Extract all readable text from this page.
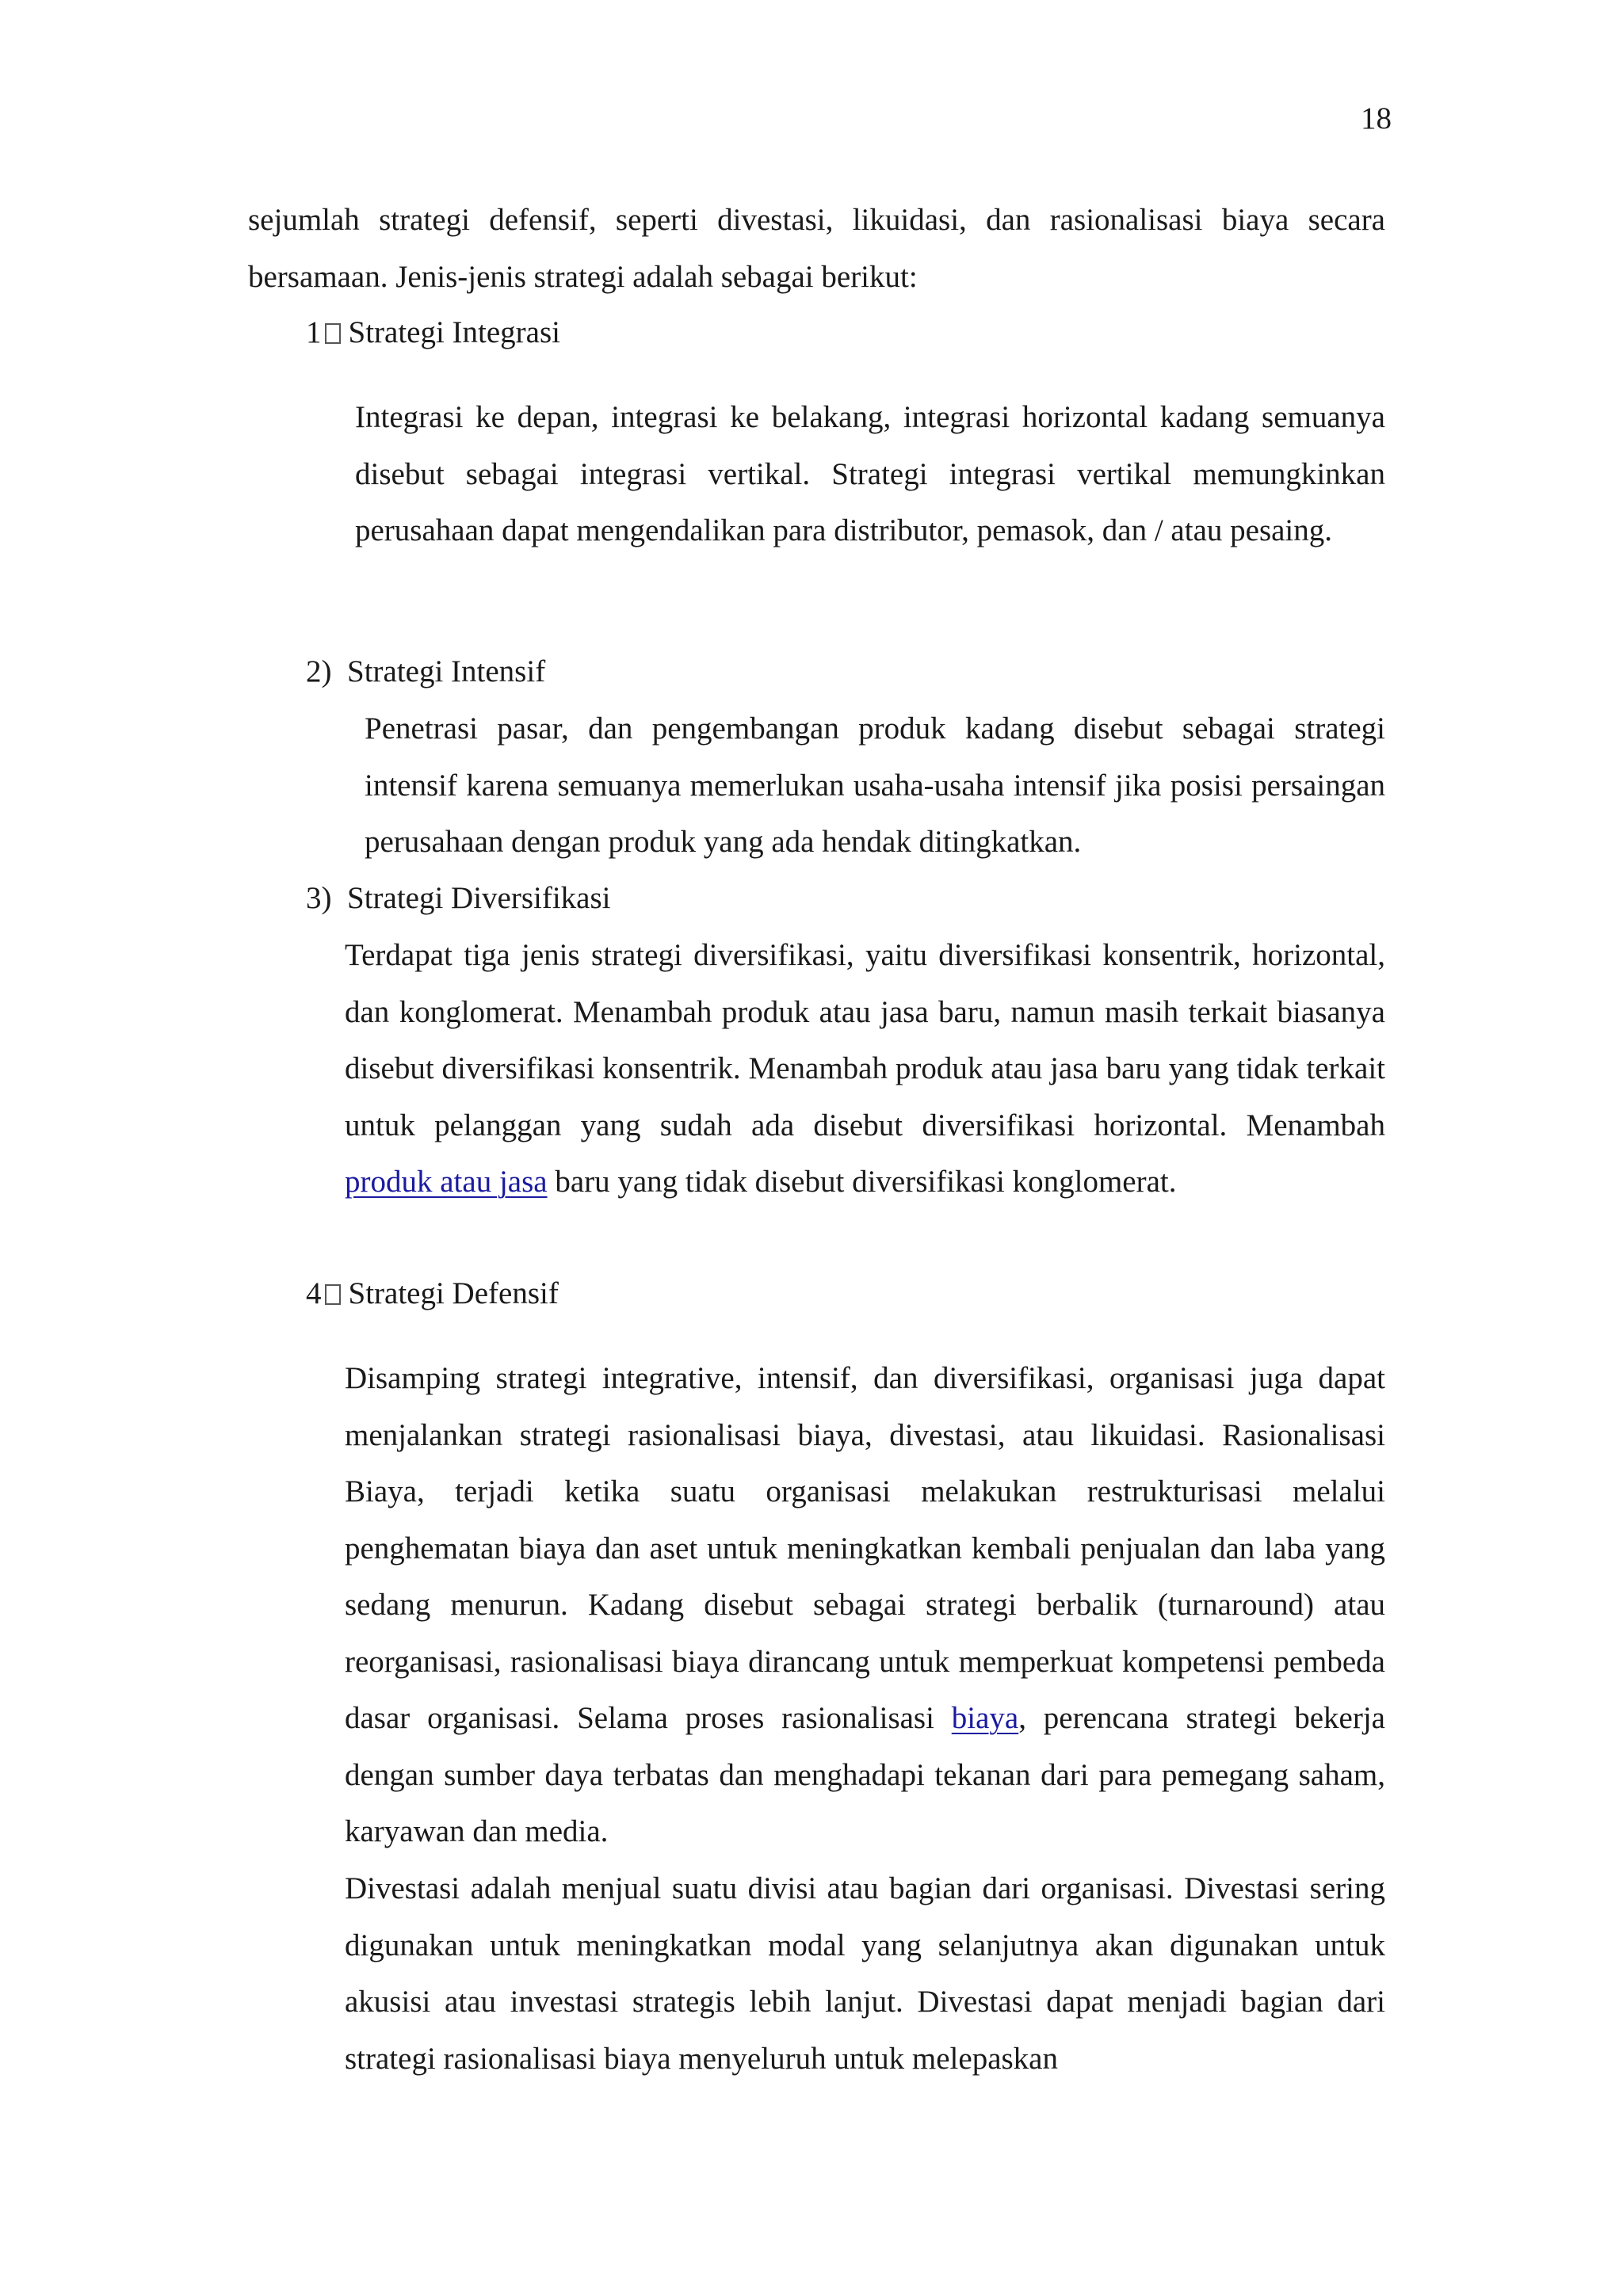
18

sejumlah strategi defensif, seperti divestasi, likuidasi, dan rasionalisasi biaya secara bersamaan. Jenis-jenis strategi adalah sebagai berikut:

1 Strategi Integrasi

Integrasi ke depan, integrasi ke belakang, integrasi horizontal kadang semuanya disebut sebagai integrasi vertikal. Strategi integrasi vertikal memungkinkan perusahaan dapat mengendalikan para distributor, pemasok, dan / atau pesaing.

2) Strategi Intensif

Penetrasi pasar, dan pengembangan produk kadang disebut sebagai strategi intensif karena semuanya memerlukan usaha-usaha intensif jika posisi persaingan perusahaan dengan produk yang ada hendak ditingkatkan.

3) Strategi Diversifikasi

Terdapat tiga jenis strategi diversifikasi, yaitu diversifikasi konsentrik, horizontal, dan konglomerat. Menambah produk atau jasa baru, namun masih terkait biasanya disebut diversifikasi konsentrik. Menambah produk atau jasa baru yang tidak terkait untuk pelanggan yang sudah ada disebut diversifikasi horizontal. Menambah produk atau jasa baru yang tidak disebut diversifikasi konglomerat.

4 Strategi Defensif

Disamping strategi integrative, intensif, dan diversifikasi, organisasi juga dapat menjalankan strategi rasionalisasi biaya, divestasi, atau likuidasi. Rasionalisasi Biaya, terjadi ketika suatu organisasi melakukan restrukturisasi melalui penghematan biaya dan aset untuk meningkatkan kembali penjualan dan laba yang sedang menurun. Kadang disebut sebagai strategi berbalik (turnaround) atau reorganisasi, rasionalisasi biaya dirancang untuk memperkuat kompetensi pembeda dasar organisasi. Selama proses rasionalisasi biaya, perencana strategi bekerja dengan sumber daya terbatas dan menghadapi tekanan dari para pemegang saham, karyawan dan media.

Divestasi adalah menjual suatu divisi atau bagian dari organisasi. Divestasi sering digunakan untuk meningkatkan modal yang selanjutnya akan digunakan untuk akusisi atau investasi strategis lebih lanjut. Divestasi dapat menjadi bagian dari strategi rasionalisasi biaya menyeluruh untuk melepaskan
